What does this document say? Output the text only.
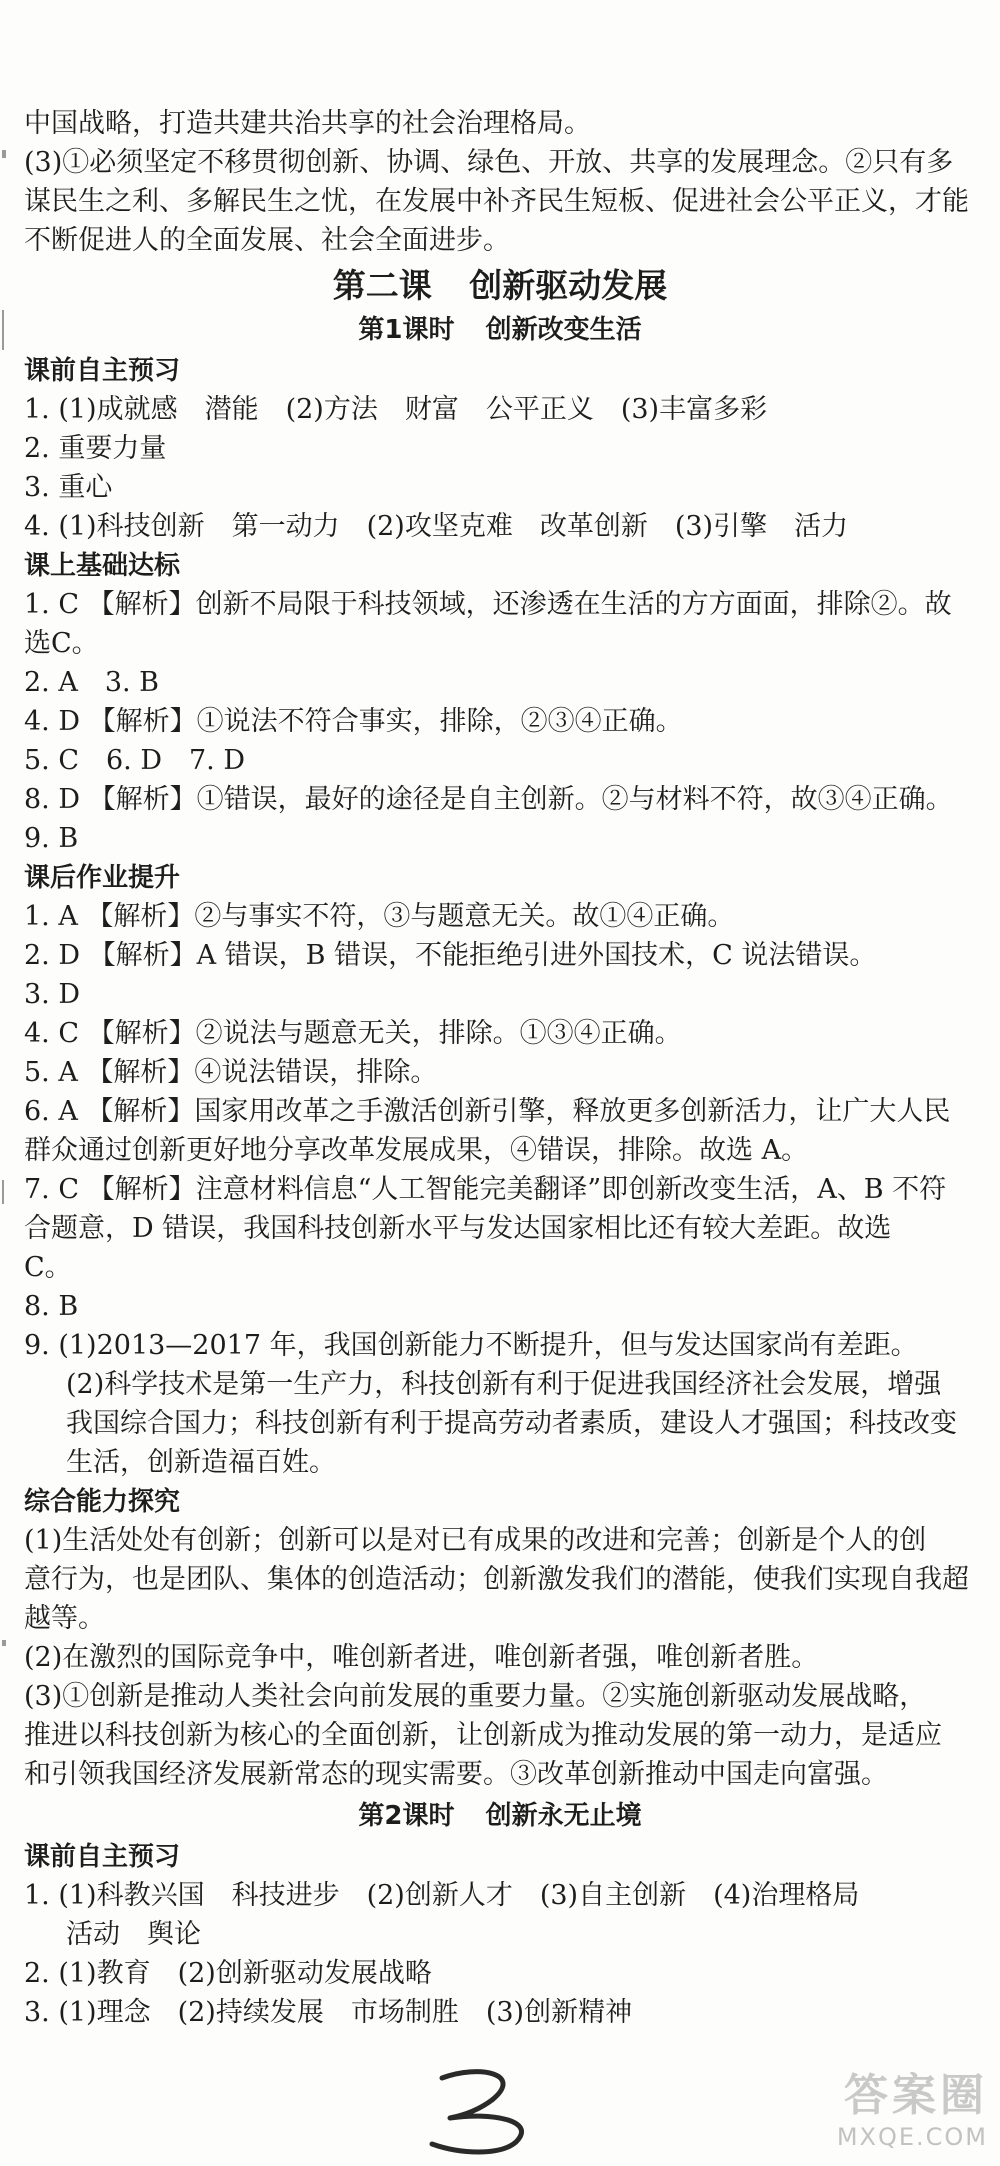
中国战略，打造共建共治共享的社会治理格局。
(3)①必须坚定不移贯彻创新、协调、绿色、开放、共享的发展理念。②只有多
谋民生之利、多解民生之忧，在发展中补齐民生短板、促进社会公平正义，才能
不断促进人的全面发展、社会全面进步。
第二课 创新驱动发展
第1课时 创新改变生活
课前自主预习
1. (1)成就感　潜能　(2)方法　财富　公平正义　(3)丰富多彩
2. 重要力量
3. 重心
4. (1)科技创新　第一动力　(2)攻坚克难　改革创新　(3)引擎　活力
课上基础达标
1. C 【解析】创新不局限于科技领域，还渗透在生活的方方面面，排除②。故
选C。
2. A　3. B
4. D 【解析】①说法不符合事实，排除，②③④正确。
5. C　6. D　7. D
8. D 【解析】①错误，最好的途径是自主创新。②与材料不符，故③④正确。
9. B
课后作业提升
1. A 【解析】②与事实不符，③与题意无关。故①④正确。
2. D 【解析】A 错误，B 错误，不能拒绝引进外国技术，C 说法错误。
3. D
4. C 【解析】②说法与题意无关，排除。①③④正确。
5. A 【解析】④说法错误，排除。
6. A 【解析】国家用改革之手激活创新引擎，释放更多创新活力，让广大人民
群众通过创新更好地分享改革发展成果，④错误，排除。故选 A。
7. C 【解析】注意材料信息“人工智能完美翻译”即创新改变生活，A、B 不符
合题意，D 错误，我国科技创新水平与发达国家相比还有较大差距。故选
C。
8. B
9. (1)2013—2017 年，我国创新能力不断提升，但与发达国家尚有差距。
(2)科学技术是第一生产力，科技创新有利于促进我国经济社会发展，增强
我国综合国力；科技创新有利于提高劳动者素质，建设人才强国；科技改变
生活，创新造福百姓。
综合能力探究
(1)生活处处有创新；创新可以是对已有成果的改进和完善；创新是个人的创
意行为，也是团队、集体的创造活动；创新激发我们的潜能，使我们实现自我超
越等。
(2)在激烈的国际竞争中，唯创新者进，唯创新者强，唯创新者胜。
(3)①创新是推动人类社会向前发展的重要力量。②实施创新驱动发展战略，
推进以科技创新为核心的全面创新，让创新成为推动发展的第一动力，是适应
和引领我国经济发展新常态的现实需要。③改革创新推动中国走向富强。
第2课时 创新永无止境
课前自主预习
1. (1)科教兴国　科技进步　(2)创新人才　(3)自主创新　(4)治理格局
活动　舆论
2. (1)教育　(2)创新驱动发展战略
3. (1)理念　(2)持续发展　市场制胜　(3)创新精神
答案圈
MXQE.COM
